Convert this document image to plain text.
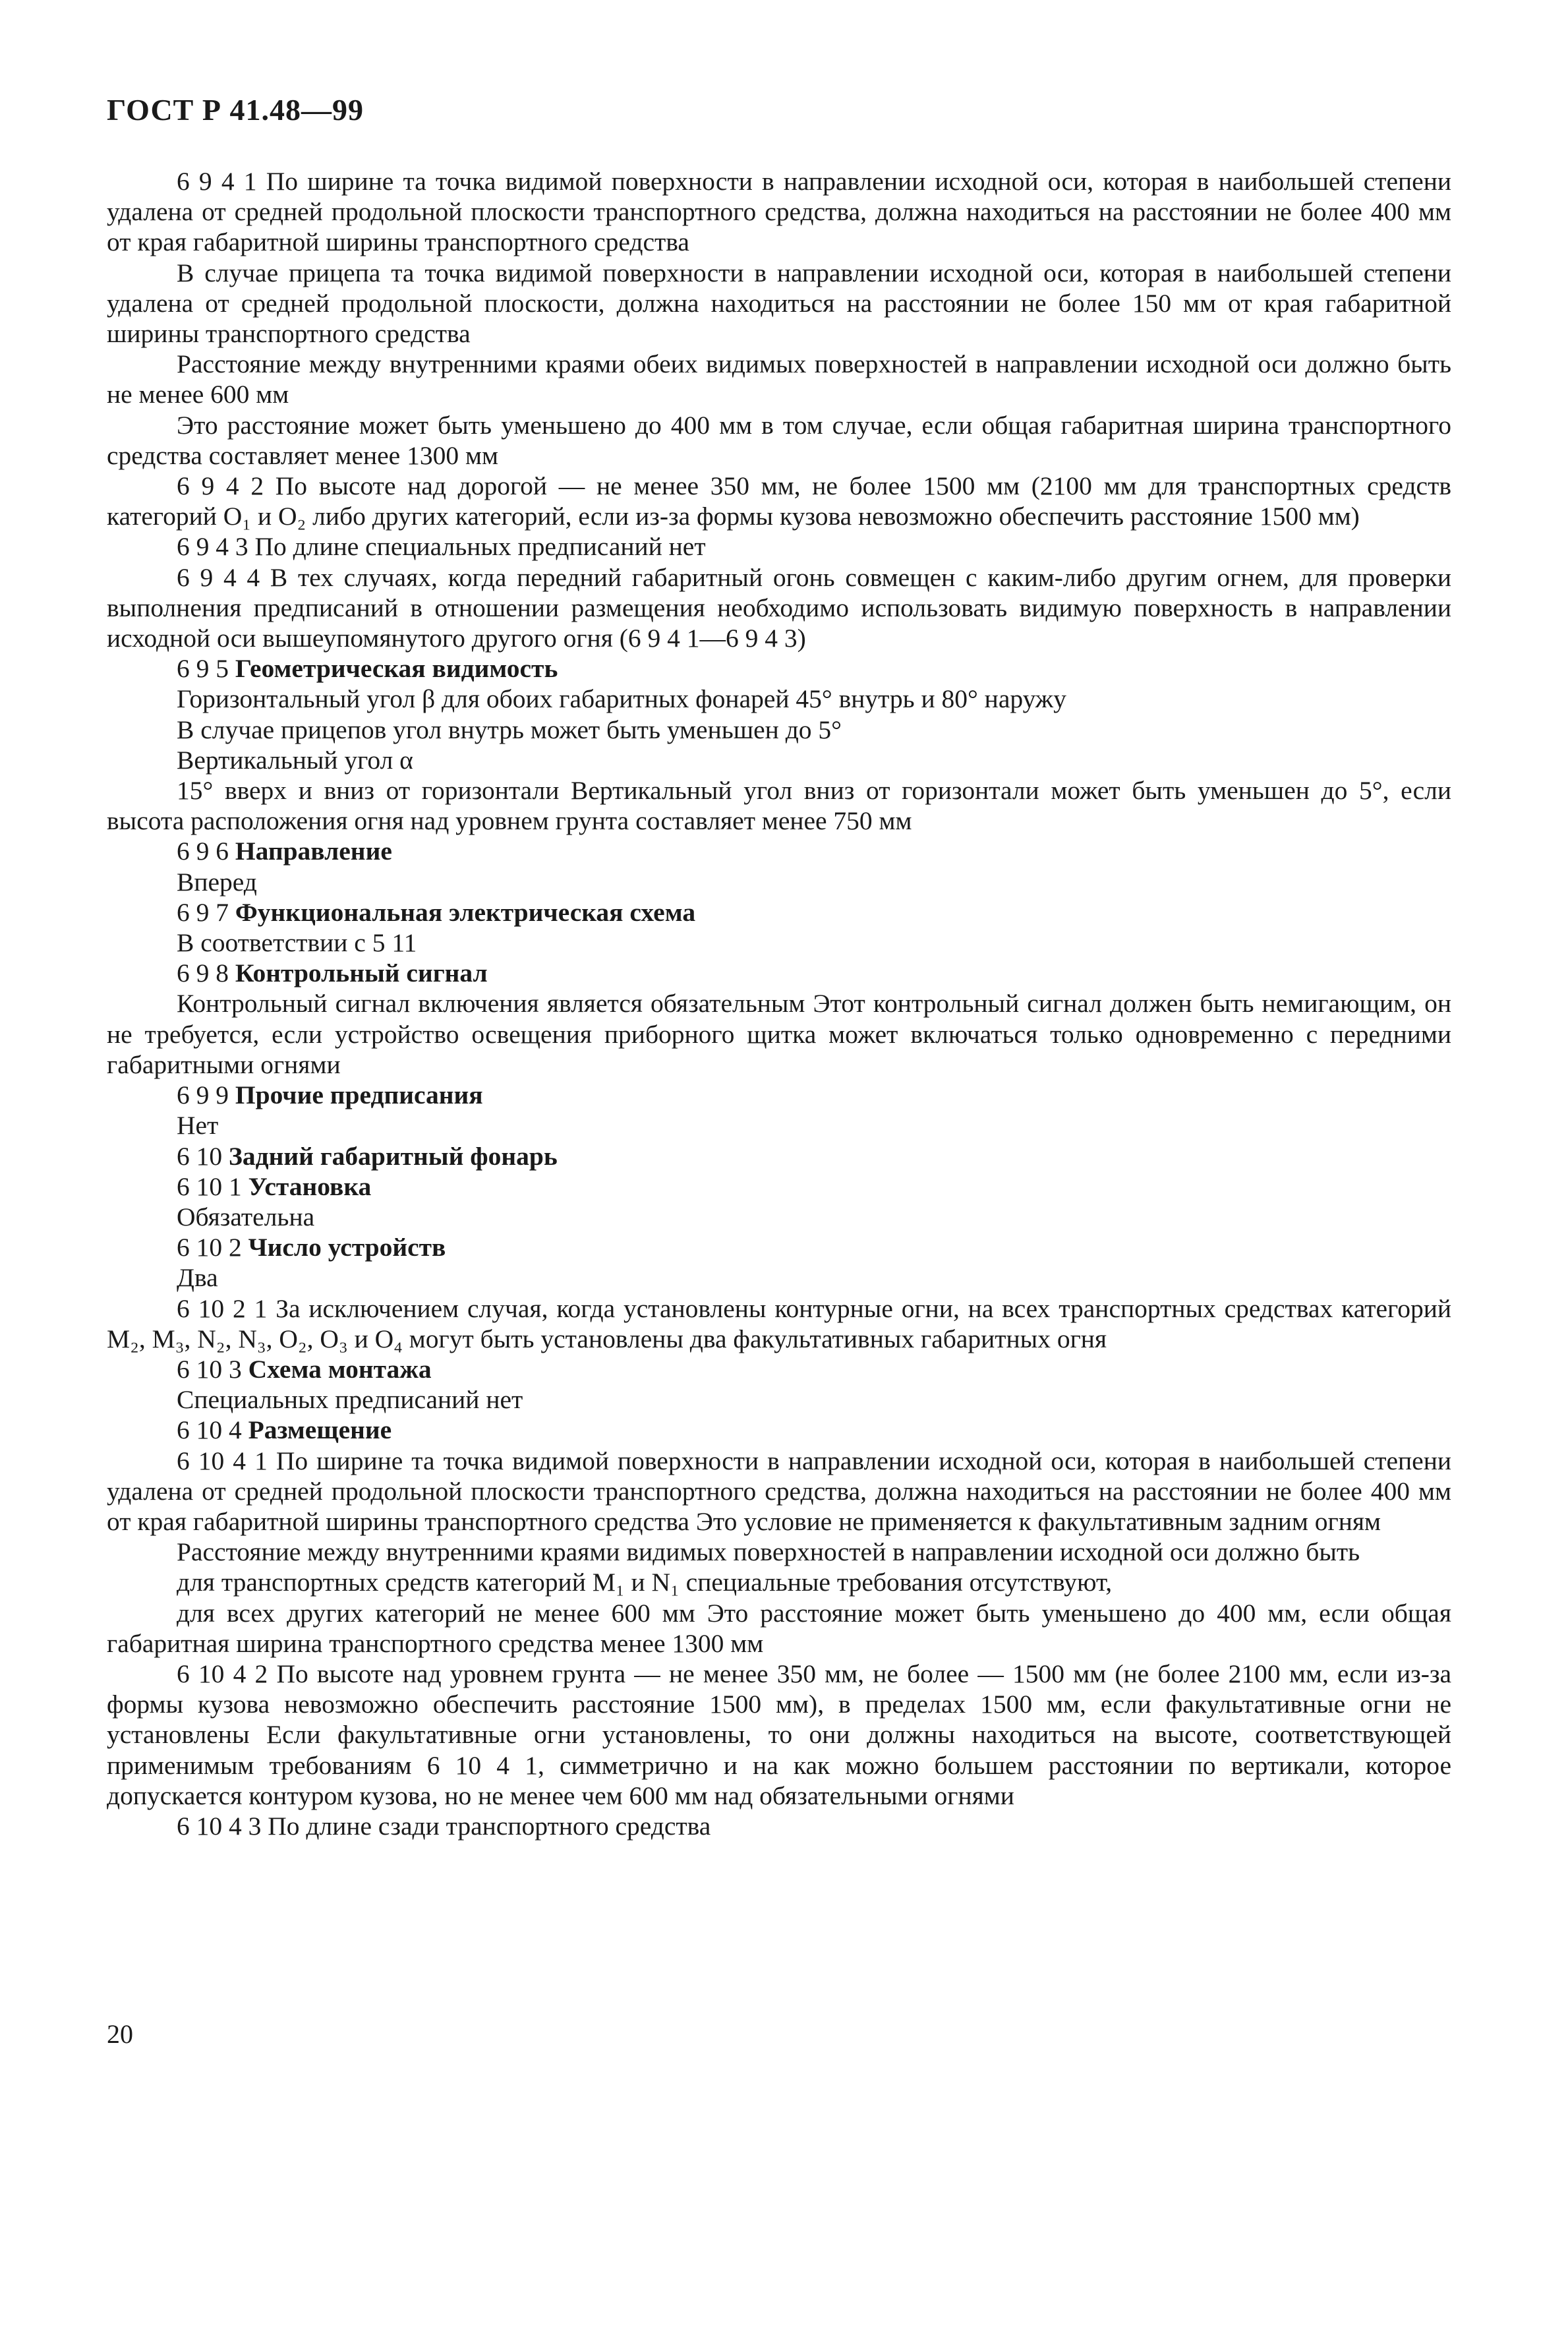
ГОСТ Р 41.48—99

6 9 4 1 По ширине та точка видимой поверхности в направлении исходной оси, которая в наибольшей степени удалена от средней продольной плоскости транспортного средства, должна находиться на расстоянии не более 400 мм от края габаритной ширины транспортного средства

В случае прицепа та точка видимой поверхности в направлении исходной оси, которая в наибольшей степени удалена от средней продольной плоскости, должна находиться на расстоянии не более 150 мм от края габаритной ширины транспортного средства

Расстояние между внутренними краями обеих видимых поверхностей в направлении исходной оси должно быть не менее 600 мм

Это расстояние может быть уменьшено до 400 мм в том случае, если общая габаритная ширина транспортного средства составляет менее 1300 мм

6 9 4 2 По высоте над дорогой — не менее 350 мм, не более 1500 мм (2100 мм для транспортных средств категорий O₁ и O₂ либо других категорий, если из-за формы кузова невозможно обеспечить расстояние 1500 мм)

6 9 4 3 По длине специальных предписаний нет

6 9 4 4 В тех случаях, когда передний габаритный огонь совмещен с каким-либо другим огнем, для проверки выполнения предписаний в отношении размещения необходимо использовать видимую поверхность в направлении исходной оси вышеупомянутого другого огня (6 9 4 1—6 9 4 3)

6 9 5 Геометрическая видимость

Горизонтальный угол β для обоих габаритных фонарей 45° внутрь и 80° наружу

В случае прицепов угол внутрь может быть уменьшен до 5°

Вертикальный угол α

15° вверх и вниз от горизонтали Вертикальный угол вниз от горизонтали может быть уменьшен до 5°, если высота расположения огня над уровнем грунта составляет менее 750 мм

6 9 6 Направление

Вперед

6 9 7 Функциональная электрическая схема

В соответствии с 5 11

6 9 8 Контрольный сигнал

Контрольный сигнал включения является обязательным Этот контрольный сигнал должен быть немигающим, он не требуется, если устройство освещения приборного щитка может включаться только одновременно с передними габаритными огнями

6 9 9 Прочие предписания

Нет

6 10 Задний габаритный фонарь

6 10 1 Установка

Обязательна

6 10 2 Число устройств

Два

6 10 2 1 За исключением случая, когда установлены контурные огни, на всех транспортных средствах категорий M₂, M₃, N₂, N₃, O₂, O₃ и O₄ могут быть установлены два факультативных габаритных огня

6 10 3 Схема монтажа

Специальных предписаний нет

6 10 4 Размещение

6 10 4 1 По ширине та точка видимой поверхности в направлении исходной оси, которая в наибольшей степени удалена от средней продольной плоскости транспортного средства, должна находиться на расстоянии не более 400 мм от края габаритной ширины транспортного средства Это условие не применяется к факультативным задним огням

Расстояние между внутренними краями видимых поверхностей в направлении исходной оси должно быть

для транспортных средств категорий M₁ и N₁ специальные требования отсутствуют,

для всех других категорий не менее 600 мм Это расстояние может быть уменьшено до 400 мм, если общая габаритная ширина транспортного средства менее 1300 мм

6 10 4 2 По высоте над уровнем грунта — не менее 350 мм, не более — 1500 мм (не более 2100 мм, если из-за формы кузова невозможно обеспечить расстояние 1500 мм), в пределах 1500 мм, если факультативные огни не установлены Если факультативные огни установлены, то они должны находиться на высоте, соответствующей применимым требованиям 6 10 4 1, симметрично и на как можно большем расстоянии по вертикали, которое допускается контуром кузова, но не менее чем 600 мм над обязательными огнями

6 10 4 3 По длине сзади транспортного средства

20
